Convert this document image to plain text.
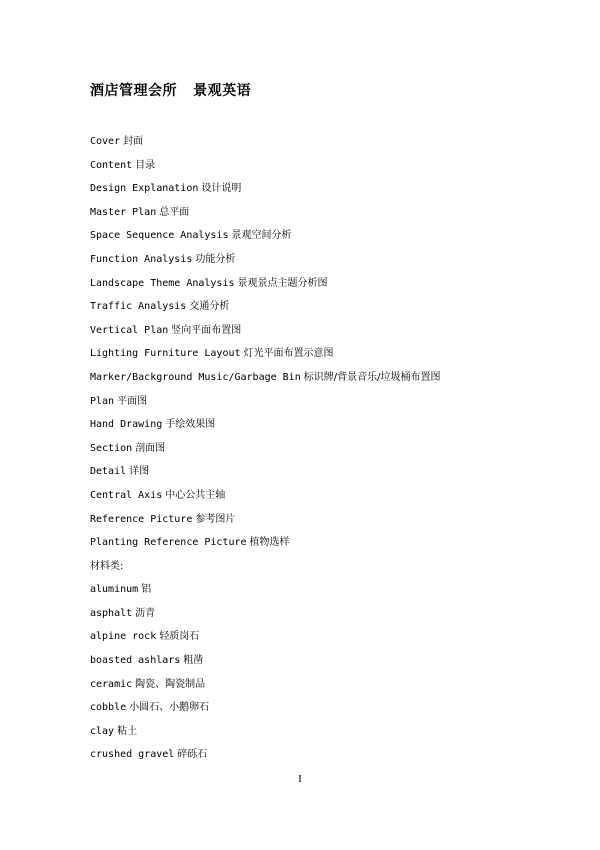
酒店管理会所   景观英语
Cover 封面
Content 目录
Design Explanation 设计说明
Master Plan 总平面
Space Sequence Analysis 景观空间分析
Function Analysis 功能分析
Landscape Theme Analysis 景观景点主题分析图
Traffic Analysis 交通分析
Vertical Plan 竖向平面布置图
Lighting Furniture Layout 灯光平面布置示意图
Marker/Background Music/Garbage Bin 标识牌/背景音乐/垃圾桶布置图
Plan 平面图
Hand Drawing 手绘效果图
Section 剖面图
Detail 详图
Central Axis 中心公共主轴
Reference Picture 参考图片
Planting Reference Picture 植物选样
材料类:
aluminum 铝
asphalt 沥青
alpine rock 轻质岗石
boasted ashlars 粗凿
ceramic 陶瓷、陶瓷制品
cobble 小圆石、小鹅卵石
clay 粘土
crushed gravel 碎砾石
I
